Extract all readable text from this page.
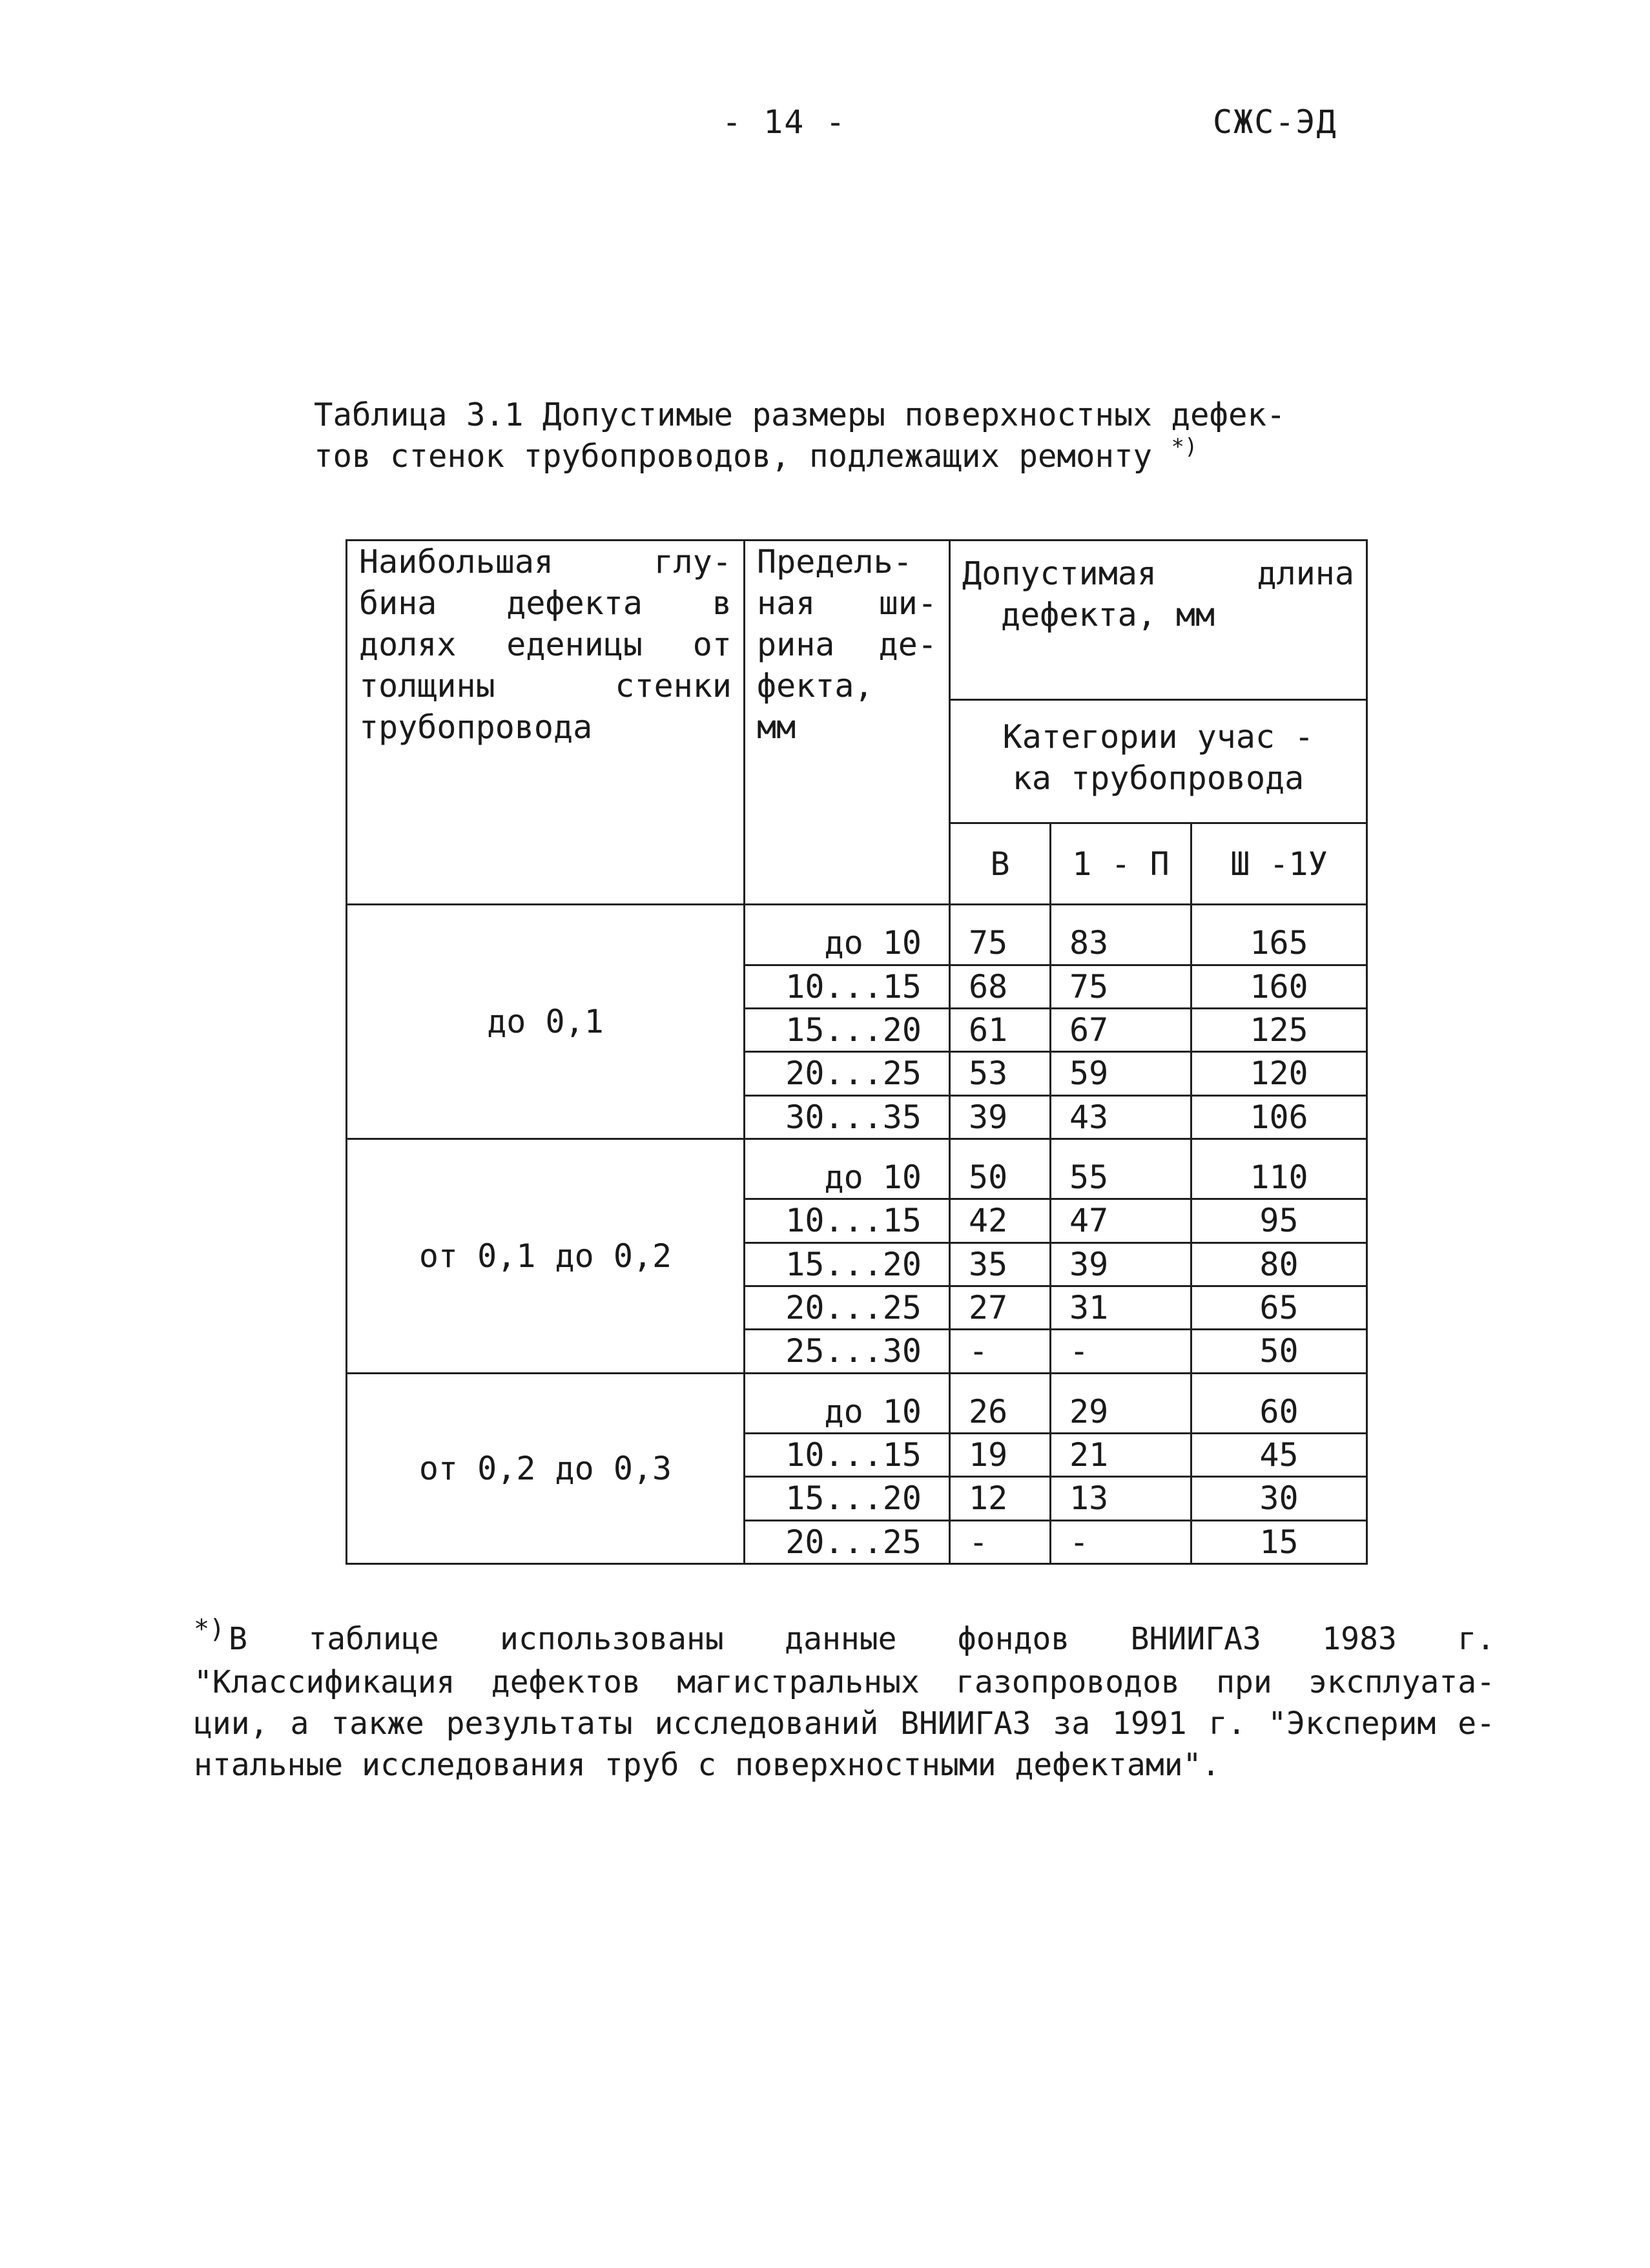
- 14 -	СЖС-ЭД
Таблица 3.1 Допустимые размеры поверхностных дефек-
тов стенок трубопроводов, подлежащих ремонту *)
Наибольшая глу-
бина дефекта в
долях еденицы от
толщины стенки
трубопровода	Предель-
ная ши-
рина де-
фекта,
мм	Допустимая длина
дефекта, мм		

		Категории учас -
ка трубопровода		

		В	1 - П	Ш -1У
до 0,1	до 10	75	83	165
	10...15	68	75	160
	15...20	61	67	125
	20...25	53	59	120
	30...35	39	43	106
от 0,1 до 0,2	до 10	50	55	110
	10...15	42	47	95
	15...20	35	39	80
	20...25	27	31	65
	25...30	-	-	50
от 0,2 до 0,3	до 10	26	29	60
	10...15	19	21	45
	15...20	12	13	30
	20...25	-	-	15
*) В таблице использованы данные фондов ВНИИГАЗ 1983 г.
"Классификация дефектов магистральных газопроводов при эксплуата-
ции, а также результаты исследований ВНИИГАЗ за 1991 г. "Эксперим е-
нтальные исследования труб с поверхностными дефектами".
